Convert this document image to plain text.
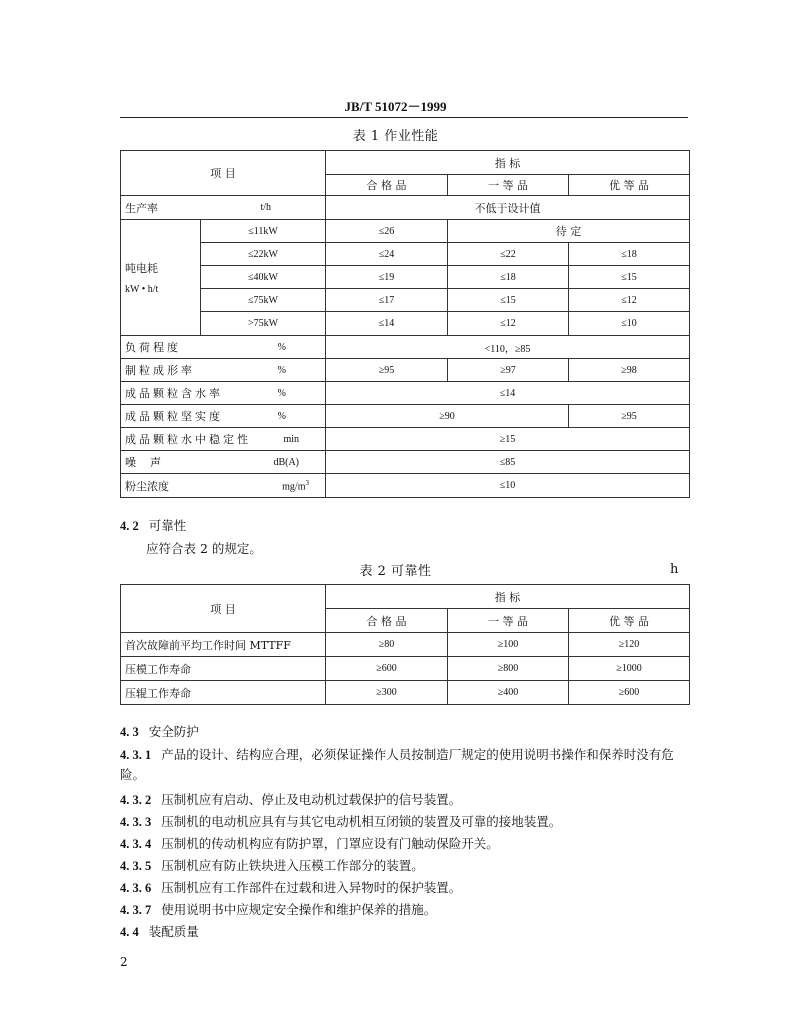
JB/T 51072－1999
表 1 作业性能
项 目		指 标		
		合 格 品	一 等 品	优 等 品

生产率 t/h		不低于设计值		

吨电耗
kW • h/t	≤11kW	≤26	待 定	
	≤22kW	≤24	≤22	≤18
	≤40kW	≤19	≤18	≤15
	≤75kW	≤17	≤15	≤12
	>75kW	≤14	≤12	≤10

负荷程度 %		<110，≥85		

制粒成形率 %		≥95	≥97	≥98

成品颗粒含水率 %		≤14		

成品颗粒坚实度 %		≥90		≥95

成品颗粒水中稳定性 min		≥15		

噪    声 dB(A)		≤85		

粉尘浓度 $mg/m^3$		≤10		
4. 2 可靠性
应符合表 2 的规定。
表 2 可靠性	h
项 目	指 标		
	合 格 品	一 等 品	优 等 品
首次故障前平均工作时间 MTTFF	≥80	≥100	≥120
压模工作寿命	≥600	≥800	≥1000
压辊工作寿命	≥300	≥400	≥600
4. 3 安全防护
4. 3. 1 产品的设计、结构应合理，必须保证操作人员按制造厂规定的使用说明书操作和保养时没有危
险。
4. 3. 2 压制机应有启动、停止及电动机过载保护的信号装置。
4. 3. 3 压制机的电动机应具有与其它电动机相互闭锁的装置及可靠的接地装置。
4. 3. 4 压制机的传动机构应有防护罩，门罩应设有门触动保险开关。
4. 3. 5 压制机应有防止铁块进入压模工作部分的装置。
4. 3. 6 压制机应有工作部件在过载和进入异物时的保护装置。
4. 3. 7 使用说明书中应规定安全操作和维护保养的措施。
4. 4 装配质量
2
